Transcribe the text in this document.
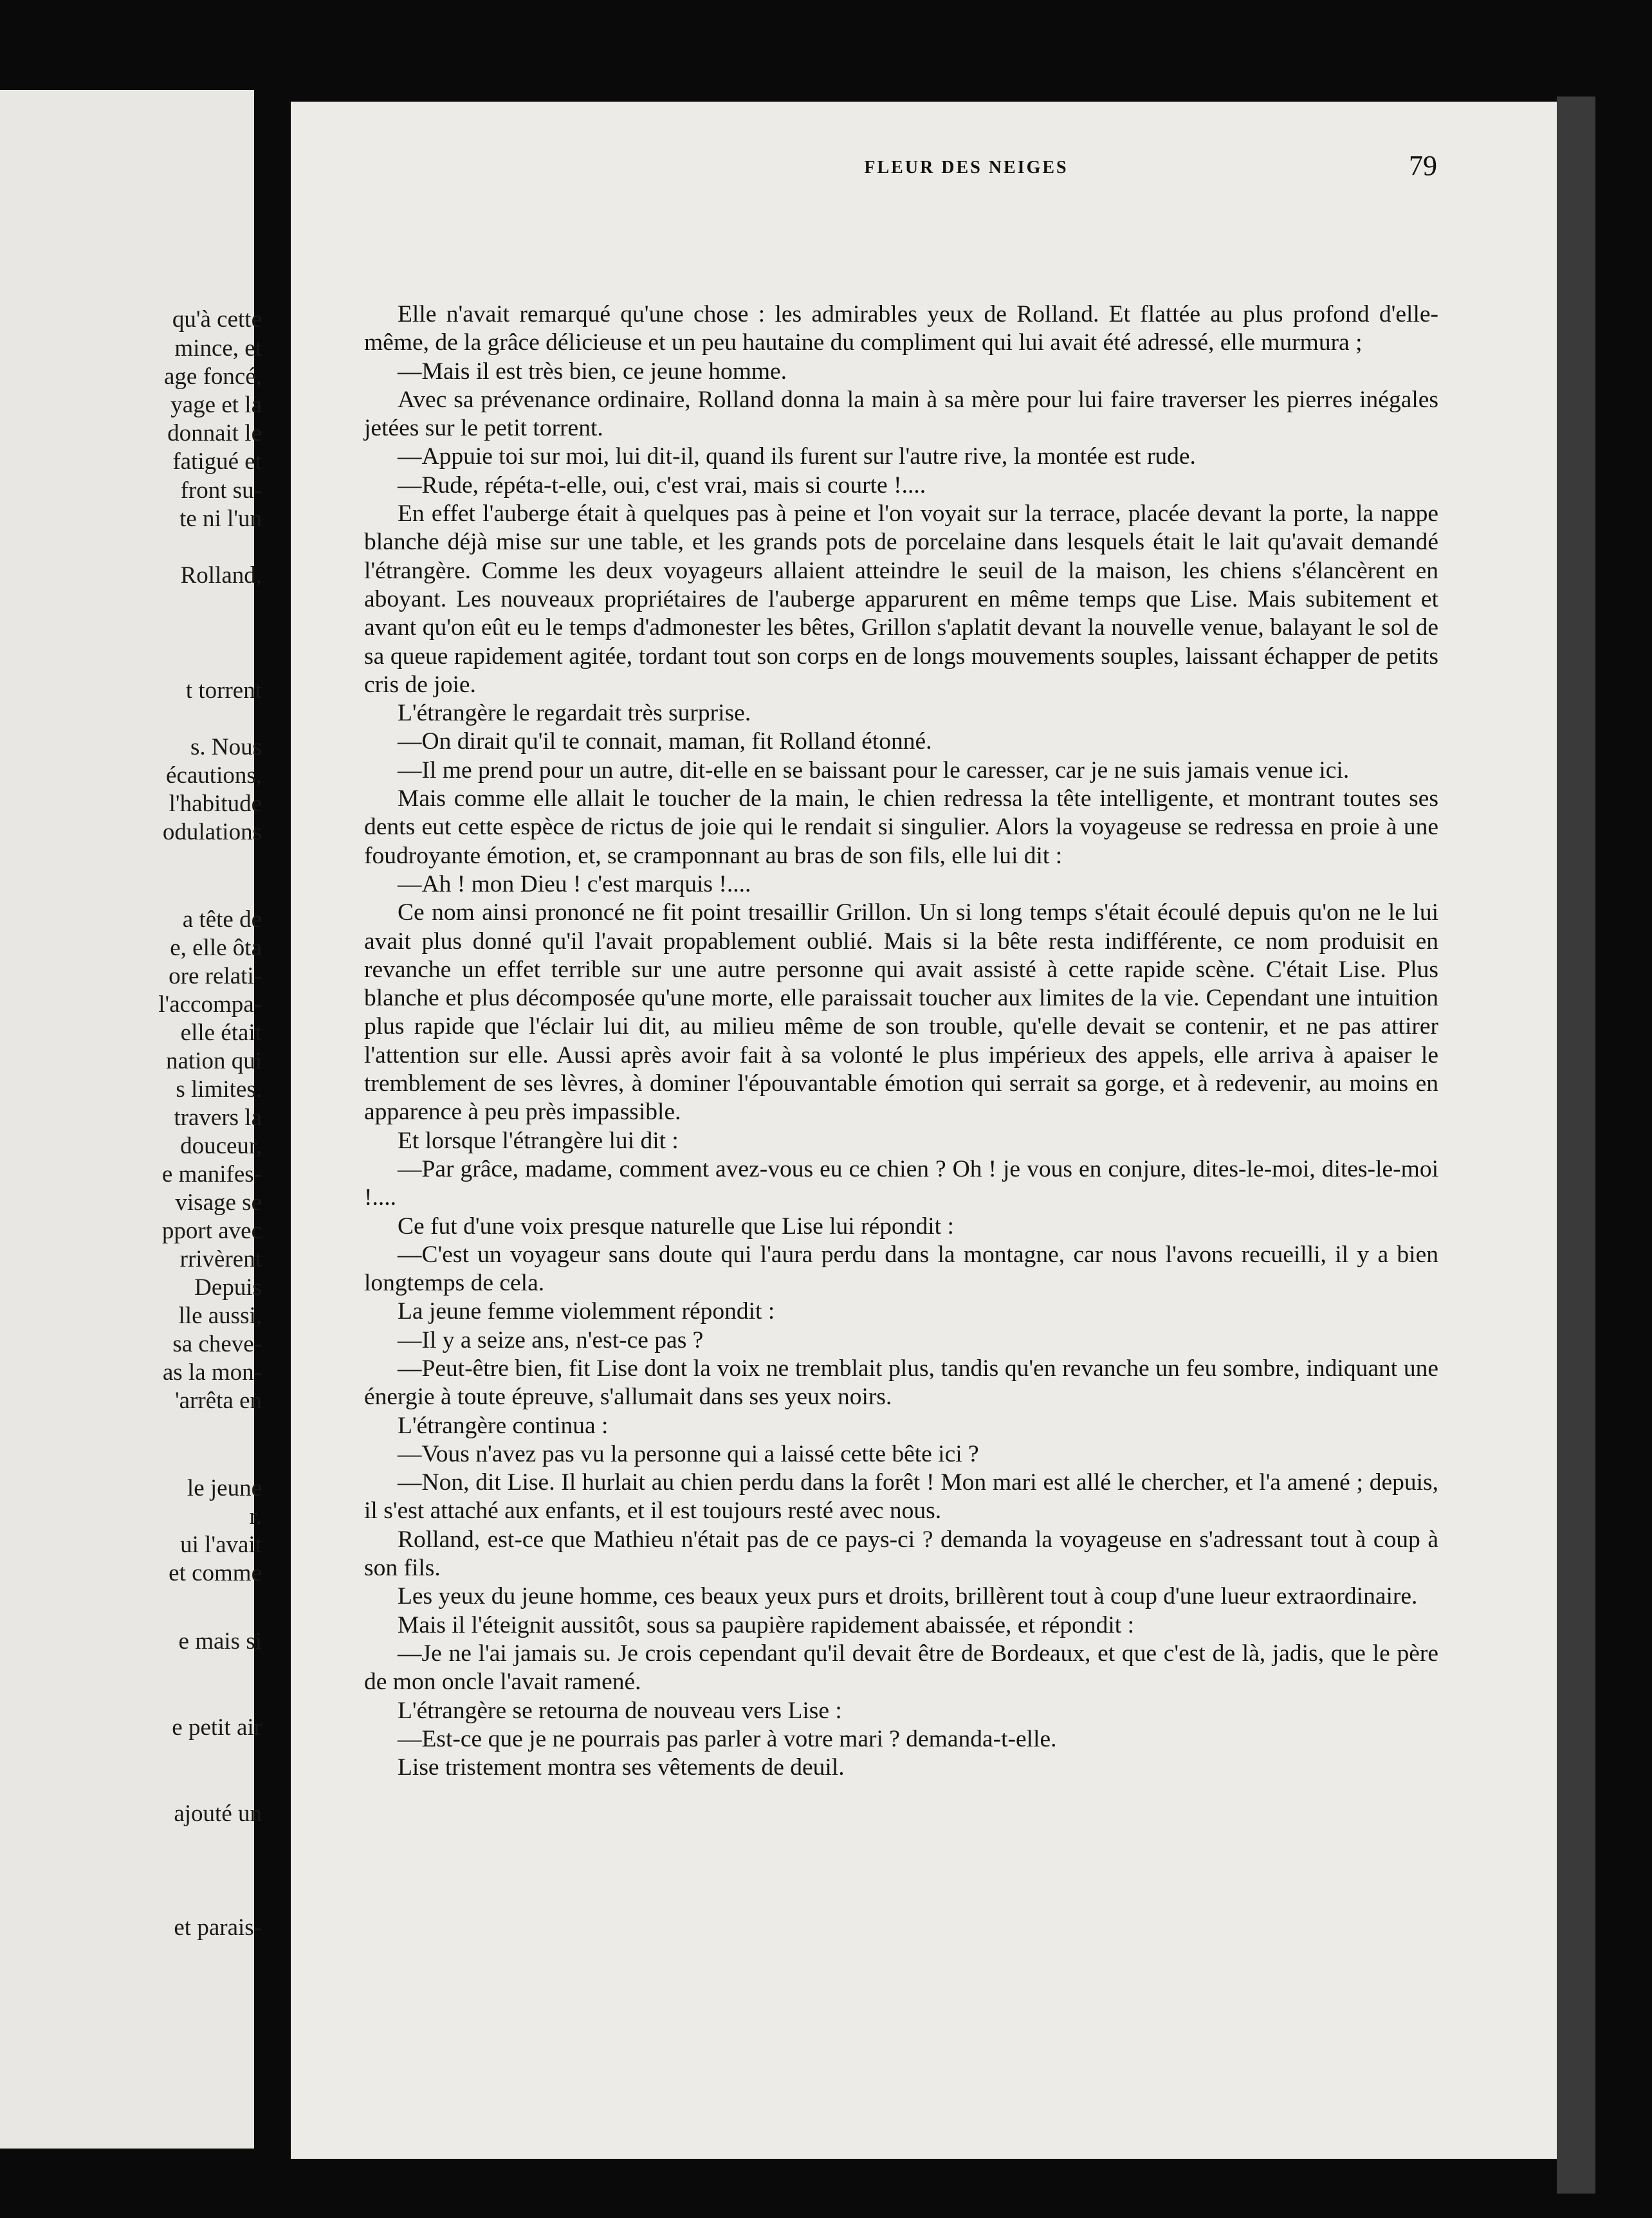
qu'à cette
mince, et
age foncé,
yage et la
donnait le
fatigué et
front su-
te ni l'un
Rolland,
t torrent
s. Nous
écautions,
l'habitude
odulations
a tête de
e, elle ôta
ore relati-
l'accompa-
elle était
nation qui
s limites.
travers la
douceur,
e manifes-
visage se
pport avec
rrivèrent
Depuis
lle aussi,
sa cheve-
as la mon-
'arrêta en
le jeune
r.
ui l'avait
et comme
e mais si
e petit air
ajouté un
et parais-
FLEUR DES NEIGES	79

Elle n'avait remarqué qu'une chose : les admirables yeux de Rolland. Et flattée au plus profond d'elle-même, de la grâce délicieuse et un peu hautaine du compliment qui lui avait été adressé, elle murmura ;

—Mais il est très bien, ce jeune homme.

Avec sa prévenance ordinaire, Rolland donna la main à sa mère pour lui faire traverser les pierres inégales jetées sur le petit torrent.

—Appuie toi sur moi, lui dit-il, quand ils furent sur l'autre rive, la montée est rude.

—Rude, répéta-t-elle, oui, c'est vrai, mais si courte !....

En effet l'auberge était à quelques pas à peine et l'on voyait sur la terrace, placée devant la porte, la nappe blanche déjà mise sur une table, et les grands pots de porcelaine dans lesquels était le lait qu'avait demandé l'étrangère. Comme les deux voyageurs allaient atteindre le seuil de la maison, les chiens s'élancèrent en aboyant. Les nouveaux propriétaires de l'auberge apparurent en même temps que Lise. Mais subitement et avant qu'on eût eu le temps d'admonester les bêtes, Grillon s'aplatit devant la nouvelle venue, balayant le sol de sa queue rapidement agitée, tordant tout son corps en de longs mouvements souples, laissant échapper de petits cris de joie.

L'étrangère le regardait très surprise.

—On dirait qu'il te connait, maman, fit Rolland étonné.

—Il me prend pour un autre, dit-elle en se baissant pour le caresser, car je ne suis jamais venue ici.

Mais comme elle allait le toucher de la main, le chien redressa la tête intelligente, et montrant toutes ses dents eut cette espèce de rictus de joie qui le rendait si singulier. Alors la voyageuse se redressa en proie à une foudroyante émotion, et, se cramponnant au bras de son fils, elle lui dit :

—Ah ! mon Dieu ! c'est marquis !....

Ce nom ainsi prononcé ne fit point tresaillir Grillon. Un si long temps s'était écoulé depuis qu'on ne le lui avait plus donné qu'il l'avait propablement oublié. Mais si la bête resta indifférente, ce nom produisit en revanche un effet terrible sur une autre personne qui avait assisté à cette rapide scène. C'était Lise. Plus blanche et plus décomposée qu'une morte, elle paraissait toucher aux limites de la vie. Cependant une intuition plus rapide que l'éclair lui dit, au milieu même de son trouble, qu'elle devait se contenir, et ne pas attirer l'attention sur elle. Aussi après avoir fait à sa volonté le plus impérieux des appels, elle arriva à apaiser le tremblement de ses lèvres, à dominer l'épouvantable émotion qui serrait sa gorge, et à redevenir, au moins en apparence à peu près impassible.

Et lorsque l'étrangère lui dit :

—Par grâce, madame, comment avez-vous eu ce chien ? Oh ! je vous en conjure, dites-le-moi, dites-le-moi !....

Ce fut d'une voix presque naturelle que Lise lui répondit :

—C'est un voyageur sans doute qui l'aura perdu dans la montagne, car nous l'avons recueilli, il y a bien longtemps de cela.

La jeune femme violemment répondit :

—Il y a seize ans, n'est-ce pas ?

—Peut-être bien, fit Lise dont la voix ne tremblait plus, tandis qu'en revanche un feu sombre, indiquant une énergie à toute épreuve, s'allumait dans ses yeux noirs.

L'étrangère continua :

—Vous n'avez pas vu la personne qui a laissé cette bête ici ?

—Non, dit Lise. Il hurlait au chien perdu dans la forêt ! Mon mari est allé le chercher, et l'a amené ; depuis, il s'est attaché aux enfants, et il est toujours resté avec nous.

Rolland, est-ce que Mathieu n'était pas de ce pays-ci ? demanda la voyageuse en s'adressant tout à coup à son fils.

Les yeux du jeune homme, ces beaux yeux purs et droits, brillèrent tout à coup d'une lueur extraordinaire.

Mais il l'éteignit aussitôt, sous sa paupière rapidement abaissée, et répondit :

—Je ne l'ai jamais su. Je crois cependant qu'il devait être de Bordeaux, et que c'est de là, jadis, que le père de mon oncle l'avait ramené.

L'étrangère se retourna de nouveau vers Lise :

—Est-ce que je ne pourrais pas parler à votre mari ? demanda-t-elle.

Lise tristement montra ses vêtements de deuil.
